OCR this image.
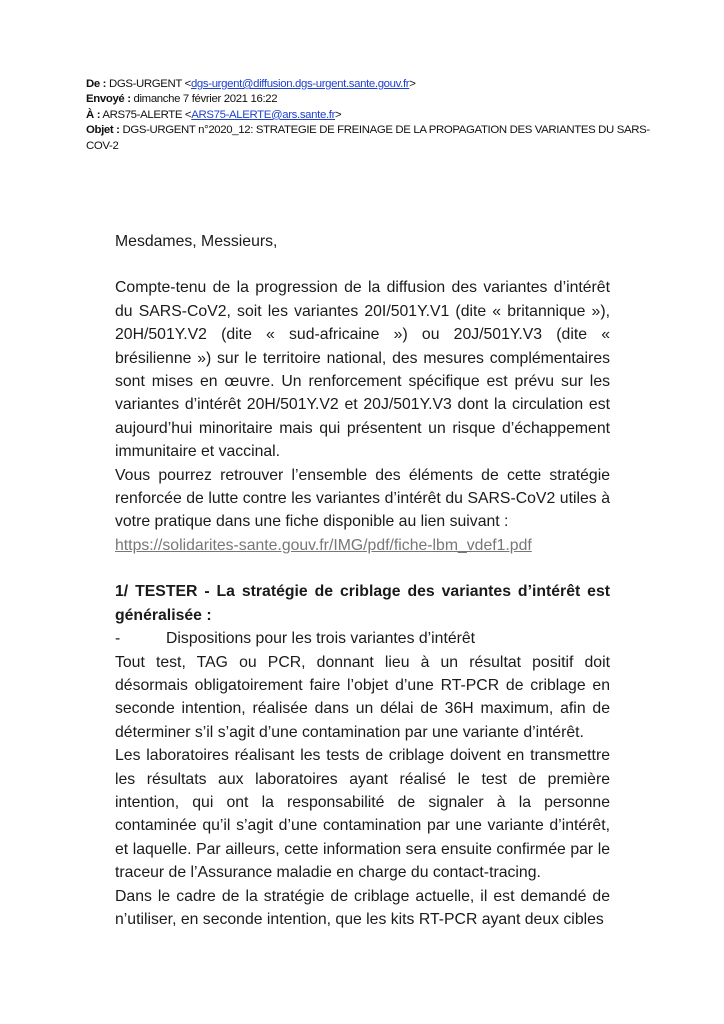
De : DGS-URGENT <dgs-urgent@diffusion.dgs-urgent.sante.gouv.fr>
Envoyé : dimanche 7 février 2021 16:22
À : ARS75-ALERTE <ARS75-ALERTE@ars.sante.fr>
Objet : DGS-URGENT n°2020_12: STRATEGIE DE FREINAGE DE LA PROPAGATION DES VARIANTES DU SARS-COV-2

Mesdames, Messieurs,

Compte-tenu de la progression de la diffusion des variantes d’intérêt du SARS-CoV2, soit les variantes 20I/501Y.V1 (dite « britannique »), 20H/501Y.V2 (dite « sud-africaine ») ou 20J/501Y.V3 (dite « brésilienne ») sur le territoire national, des mesures complémentaires sont mises en œuvre. Un renforcement spécifique est prévu sur les variantes d’intérêt 20H/501Y.V2 et 20J/501Y.V3 dont la circulation est aujourd’hui minoritaire mais qui présentent un risque d’échappement immunitaire et vaccinal.

Vous pourrez retrouver l’ensemble des éléments de cette stratégie renforcée de lutte contre les variantes d’intérêt du SARS-CoV2 utiles à votre pratique dans une fiche disponible au lien suivant :
https://solidarites-sante.gouv.fr/IMG/pdf/fiche-lbm_vdef1.pdf

1/ TESTER - La stratégie de criblage des variantes d’intérêt est généralisée :

-	Dispositions pour les trois variantes d’intérêt

Tout test, TAG ou PCR, donnant lieu à un résultat positif doit désormais obligatoirement faire l’objet d’une RT-PCR de criblage en seconde intention, réalisée dans un délai de 36H maximum, afin de déterminer s’il s’agit d’une contamination par une variante d’intérêt.

Les laboratoires réalisant les tests de criblage doivent en transmettre les résultats aux laboratoires ayant réalisé le test de première intention, qui ont la responsabilité de signaler à la personne contaminée qu’il s’agit d’une contamination par une variante d’intérêt, et laquelle. Par ailleurs, cette information sera ensuite confirmée par le traceur de l’Assurance maladie en charge du contact-tracing.

Dans le cadre de la stratégie de criblage actuelle, il est demandé de n’utiliser, en seconde intention, que les kits RT-PCR ayant deux cibles
